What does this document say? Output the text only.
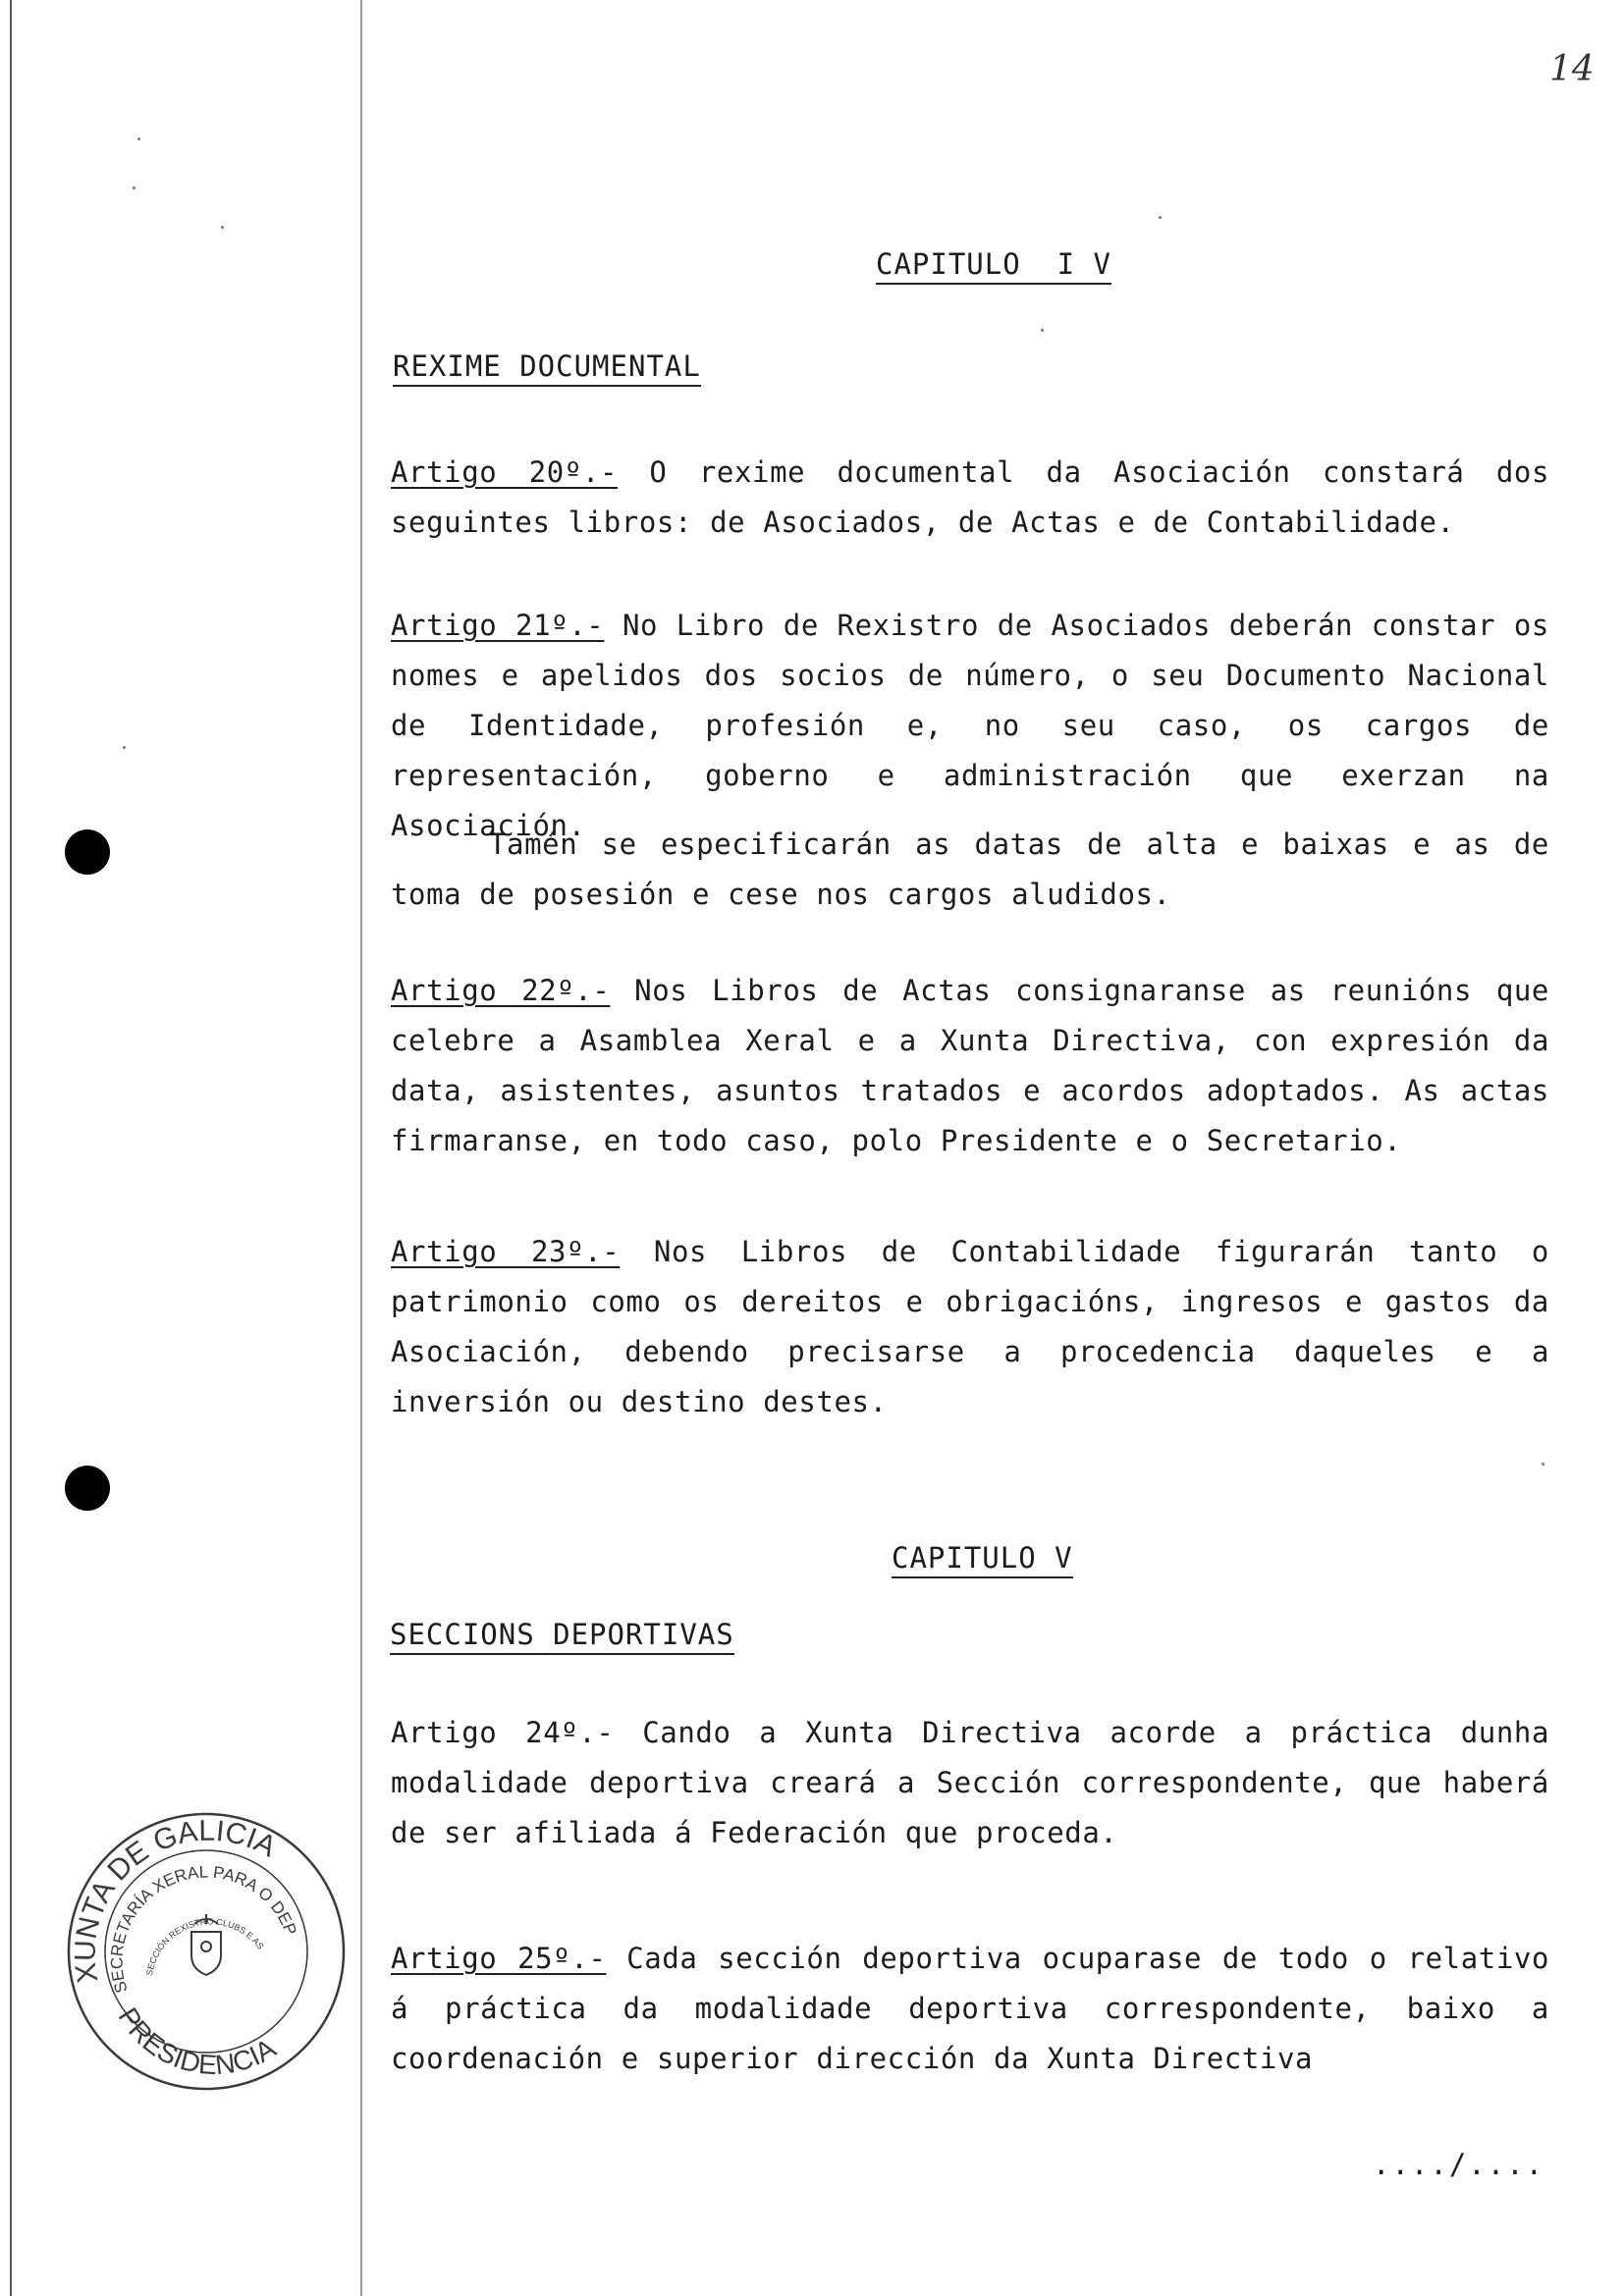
14
CAPITULO  I V
REXIME DOCUMENTAL
Artigo 20º.- O rexime documental da Asociación constará dos seguintes libros: de Asociados, de Actas e de Contabilidade.
Artigo 21º.- No Libro de Rexistro de Asociados deberán constar os nomes e apelidos dos socios de número, o seu Documento Nacional de Identidade, profesión e, no seu caso, os cargos de representación, goberno e administración que exerzan na Asociación.
Tamén se especificarán as datas de alta e baixas e as de toma de posesión e cese nos cargos aludidos.
Artigo 22º.- Nos Libros de Actas consignaranse as reunións que celebre a Asamblea Xeral e a Xunta Directiva, con expresión da data, asistentes, asuntos tratados e acordos adoptados. As actas firmaranse, en todo caso, polo Presidente e o Secretario.
Artigo 23º.- Nos Libros de Contabilidade figurarán tanto o patrimonio como os dereitos e obrigacións, ingresos e gastos da Asociación, debendo precisarse a procedencia daqueles e a inversión ou destino destes.
CAPITULO V
SECCIONS DEPORTIVAS
Artigo 24º.- Cando a Xunta Directiva acorde a práctica dunha modalidade deportiva creará a Sección correspondente, que haberá de ser afiliada á Federación que proceda.
Artigo 25º.- Cada sección deportiva ocuparase de todo o relativo á práctica da modalidade deportiva correspondente, baixo a coordenación e superior dirección da Xunta Directiva
..../....
XUNTA DE GALICIA
SECRETARÍA XERAL PARA O DEP
SECCIÓN REXISTRO CLUBS E AS
PRESIDENCIA
